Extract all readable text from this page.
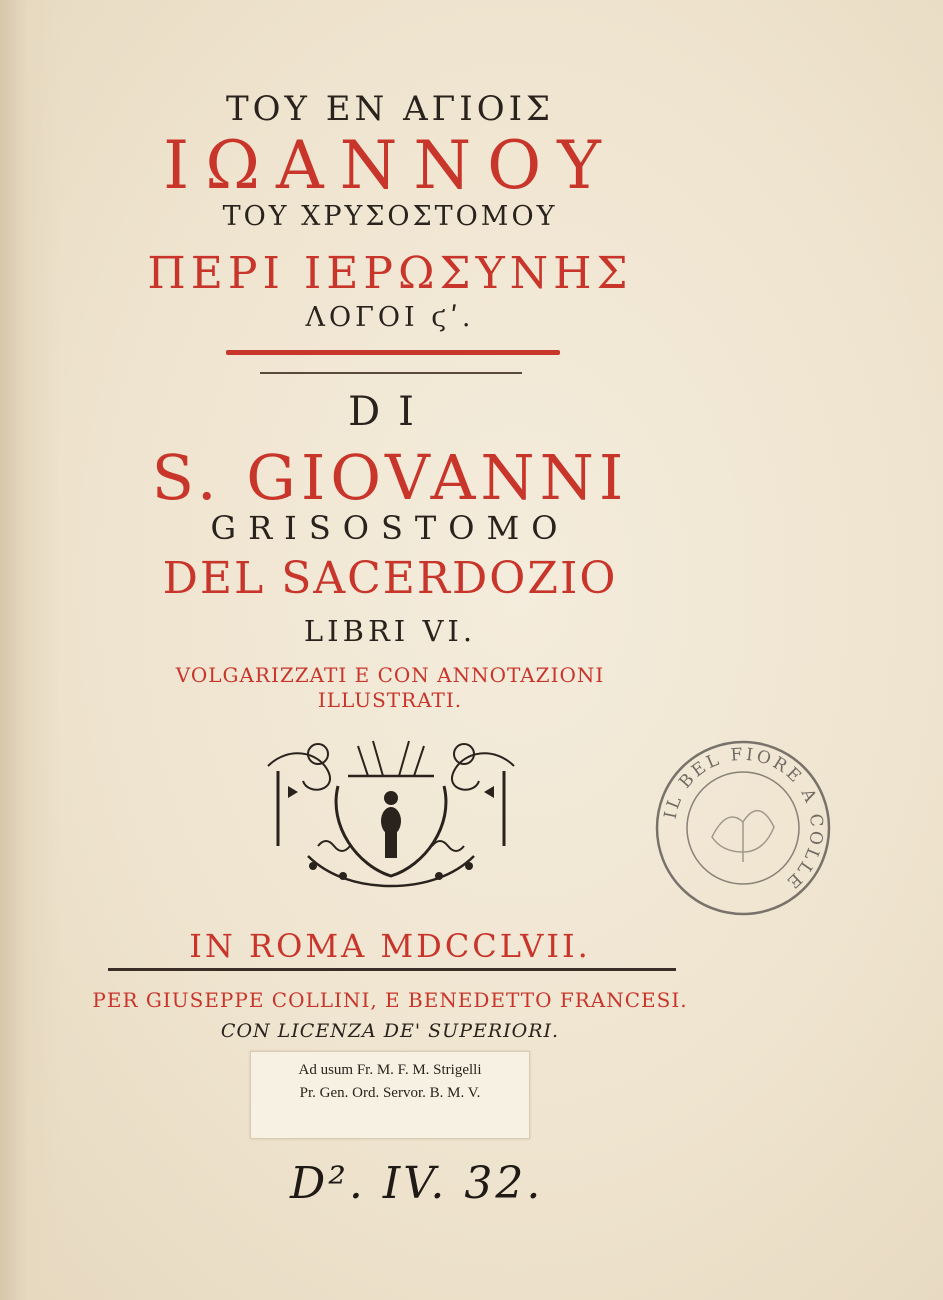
ΤΟΥ ΕΝ ΑΓΙΟΙΣ
ΙΩΑΝΝΟΥ
ΤΟΥ ΧΡΥΣΟΣΤΟΜΟΥ
ΠΕΡΙ ΙΕΡΩΣΥΝΗΣ
ΛΟΓΟΙ ϛʹ.
DI
S. GIOVANNI
GRISOSTOMO
DEL SACERDOZIO
LIBRI VI.
VOLGARIZZATI E CON ANNOTAZIONI
ILLUSTRATI.
IN ROMA MDCCLVII.
PER GIUSEPPE COLLINI, E BENEDETTO FRANCESI.
CON LICENZA DE' SUPERIORI.
IL BEL FIORE A COLLE
Ad usum Fr. M. F. M. Strigelli
Pr. Gen. Ord. Servor. B. M. V.
D². IV. 32.
